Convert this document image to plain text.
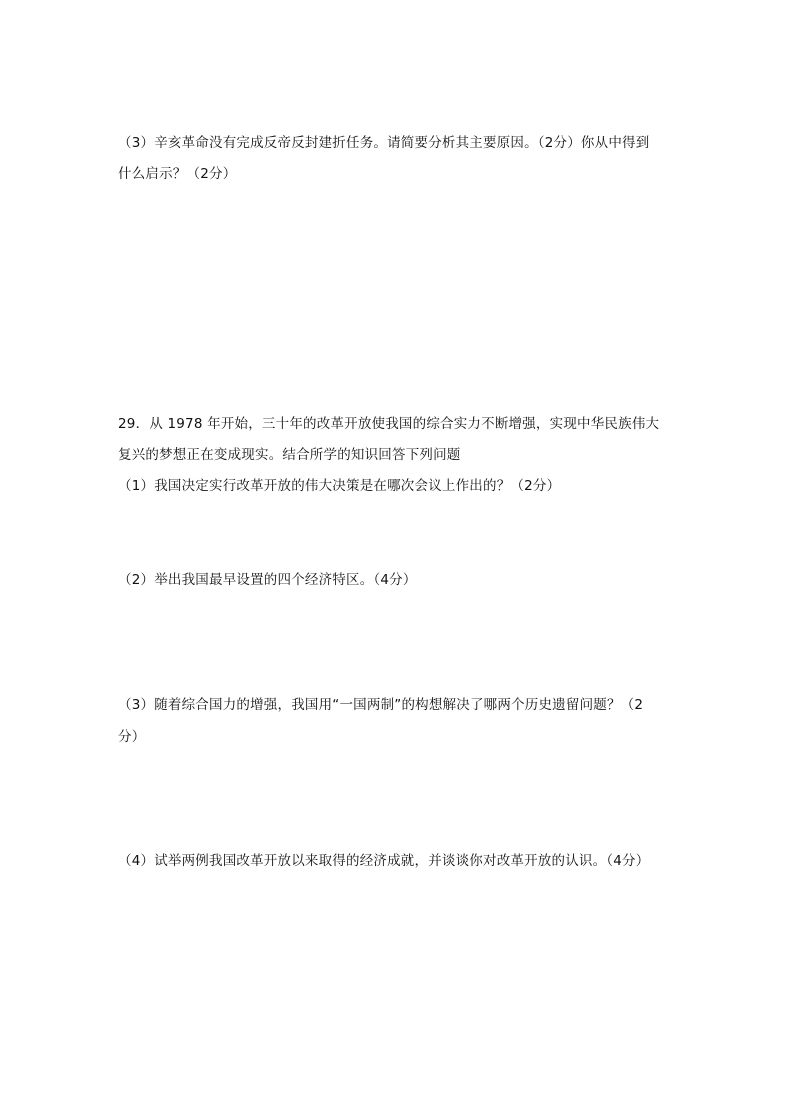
（3）辛亥革命没有完成反帝反封建折任务。请简要分析其主要原因。（2分）你从中得到
什么启示？（2分）
29．从 1978 年开始，三十年的改革开放使我国的综合实力不断增强，实现中华民族伟大
复兴的梦想正在变成现实。结合所学的知识回答下列问题
（1）我国决定实行改革开放的伟大决策是在哪次会议上作出的？（2分）
（2）举出我国最早设置的四个经济特区。（4分）
（3）随着综合国力的增强，我国用“一国两制”的构想解决了哪两个历史遗留问题？（2
分）
（4）试举两例我国改革开放以来取得的经济成就，并谈谈你对改革开放的认识。（4分）
